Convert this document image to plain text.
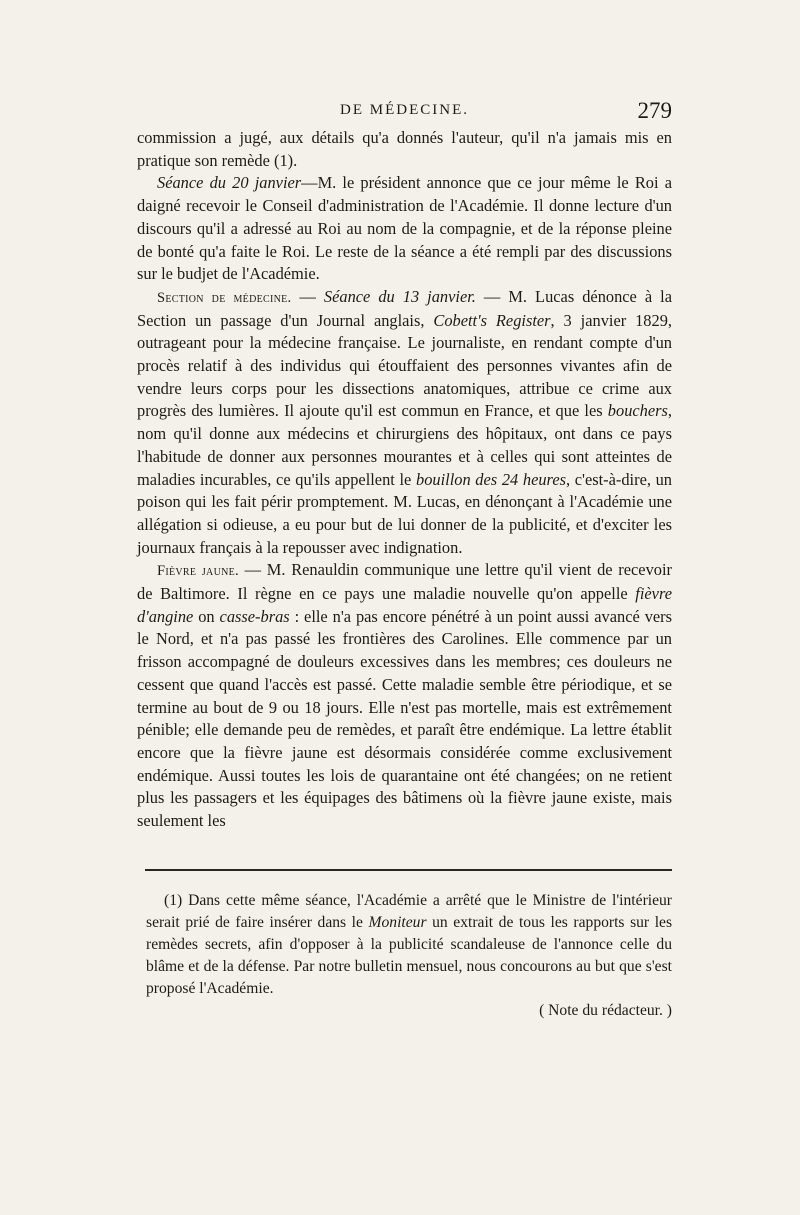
DE MÉDECINE.	279

commission a jugé, aux détails qu'a donnés l'auteur, qu'il n'a jamais mis en pratique son remède (1).

Séance du 20 janvier—M. le président annonce que ce jour même le Roi a daigné recevoir le Conseil d'administration de l'Académie. Il donne lecture d'un discours qu'il a adressé au Roi au nom de la compagnie, et de la réponse pleine de bonté qu'a faite le Roi. Le reste de la séance a été rempli par des discussions sur le budjet de l'Académie.

Section de médecine. — Séance du 13 janvier. — M. Lucas dénonce à la Section un passage d'un Journal anglais, Cobett's Register, 3 janvier 1829, outrageant pour la médecine française. Le journaliste, en rendant compte d'un procès relatif à des individus qui étouffaient des personnes vivantes afin de vendre leurs corps pour les dissections anatomiques, attribue ce crime aux progrès des lumières. Il ajoute qu'il est commun en France, et que les bouchers, nom qu'il donne aux médecins et chirurgiens des hôpitaux, ont dans ce pays l'habitude de donner aux personnes mourantes et à celles qui sont atteintes de maladies incurables, ce qu'ils appellent le bouillon des 24 heures, c'est-à-dire, un poison qui les fait périr promptement. M. Lucas, en dénonçant à l'Académie une allégation si odieuse, a eu pour but de lui donner de la publicité, et d'exciter les journaux français à la repousser avec indignation.

Fièvre jaune. — M. Renauldin communique une lettre qu'il vient de recevoir de Baltimore. Il règne en ce pays une maladie nouvelle qu'on appelle fièvre d'angine on casse-bras : elle n'a pas encore pénétré à un point aussi avancé vers le Nord, et n'a pas passé les frontières des Carolines. Elle commence par un frisson accompagné de douleurs excessives dans les membres; ces douleurs ne cessent que quand l'accès est passé. Cette maladie semble être périodique, et se termine au bout de 9 ou 18 jours. Elle n'est pas mortelle, mais est extrêmement pénible; elle demande peu de remèdes, et paraît être endémique. La lettre établit encore que la fièvre jaune est désormais considérée comme exclusivement endémique. Aussi toutes les lois de quarantaine ont été changées; on ne retient plus les passagers et les équipages des bâtimens où la fièvre jaune existe, mais seulement les

(1) Dans cette même séance, l'Académie a arrêté que le Ministre de l'intérieur serait prié de faire insérer dans le Moniteur un extrait de tous les rapports sur les remèdes secrets, afin d'opposer à la publicité scandaleuse de l'annonce celle du blâme et de la défense. Par notre bulletin mensuel, nous concourons au but que s'est proposé l'Académie.

( Note du rédacteur. )
